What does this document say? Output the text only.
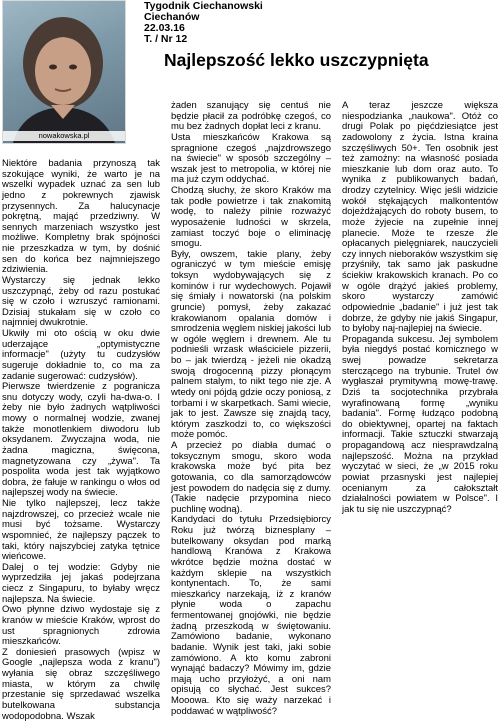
nowakowska.pl
Tygodnik Ciechanowski
Ciechanów
22.03.16
T. / Nr 12
Najlepszość lekko uszczypnięta

Niektóre badania przynoszą tak szokujące wyniki, że warto je na wszelki wypadek uznać za sen lub jedno z pokrewnych zjawisk przysennych. Za halucynacje pokrętną, mająć przedziwny. W sennych marzeniach wszystko jest możliwe. Kompletny brak spójności nie przeszkadza w tym, by dośnić sen do końca bez najmniejszego zdziwienia.

Wystarczy się jednak lekko uszczypnąć, żeby od razu postukać się w czoło i wzruszyć ramionami. Dzisiaj stukałam się w czoło co najmniej dwukrotnie.

Ukwiły mi oto ością w oku dwie uderzające „optymistyczne informacje" (użyty tu cudzysłów sugeruje dokładnie to, co ma za zadanie sugerować: cudzysłów).

Pierwsze twierdzenie z pogranicza snu dotyczy wody, czyli ha-dwa-o. I żeby nie było żadnych wątpliwości mowy o normalnej wodzie, zwanej także monotlenkiem diwodoru lub oksydanem. Zwyczajna woda, nie żadna magiczna, święcona, magnetyzowana czy „żywa". Ta pospolita woda jest tak wyjątkowo dobra, że fałuje w rankingu o włos od najlepszej wody na świecie.

Nie tylko najlepszej, lecz także najzdrowszej, co przecież wcale nie musi być tożsame. Wystarczy wspomnieć, że najlepszy pączek to taki, który najszybciej zatyka tętnice wieńcowe.

Dalej o tej wodzie: Gdyby nie wyprzedziła jej jakaś podejrzana ciecz z Singapuru, to byłaby wręcz najlepsza. Na świecie.

Owo płynne dziwo wydostaje się z kranów w mieście Kraków, wprost do ust spragnionych zdrowia mieszkańców.

Z doniesień prasowych (wpisz w Google „najlepsza woda z kranu") wyłania się obraz szczęśliwego miasta, w którym za chwilę przestanie się sprzedawać wszelka butelkowana substancja wodopodobna. Wszak

żaden szanujący się centuś nie będzie płacił za podróbkę czegoś, co mu bez żadnych dopłat leci z kranu.

Usta mieszkańców Krakowa są spragnione czegoś „najzdrowszego na świecie" w sposób szczególny – wszak jest to metropolia, w której nie ma już czym oddychać.

Chodzą słuchy, że skoro Kraków ma tak podłe powietrze i tak znakomitą wodę, to należy pilnie rozważyć wyposażenie ludności w skrzela, zamiast toczyć boje o eliminację smogu.

Były, owszem, takie plany, żeby ograniczyć w tym mieście emisję toksyn wydobywających się z kominów i rur wydechowych. Pojawił się śmiały i nowatorski (na polskim gruncie) pomysł, żeby zakazać krakowianom opalania domów i smrodzenia węglem niskiej jakości lub w ogóle węglem i drewnem. Ale tu podnieśli wrzask właściciele pizzerii, bo – jak twierdzą - jeżeli nie okadzą swoją drogocenną pizzy płonącym palnem stalym, to nikt tego nie zje. A wtedy oni pójdą gdzie oczy poniosą, z torbami i w skarpetkach. Sami wiecie, jak to jest. Zawsze się znajdą tacy, którym zaszkodzi to, co większości może pomóc.

A przecież po diabła dumać o toksycznym smogu, skoro woda krakowska może być pita bez gotowania, co dla samorządowców jest powodem do nadęcia się z dumy. (Takie nadęcie przypomina nieco puchlinę wodną).

Kandydaci do tytułu Przedsiębiorcy Roku już twórzą biznesplany – butelkowany oksydan pod marką handlową Kranówa z Krakowa wkrótce będzie można dostać w każdym sklepie na wszystkich kontynentach. To, że sami mieszkańcy narzekają, iż z kranów płynie woda o zapachu fermentowanej gnojówki, nie będzie żadną przeszkodą w świętowaniu. Zamówiono badanie, wykonano badanie. Wynik jest taki, jaki sobie zamówiono. A kto komu zabroni wynająć badaczy? Mówimy im, gdzie mają ucho przyłożyć, a oni nam opisują co słychać. Jest sukces? Mooowa. Kto się waży narzekać i poddawać w wątpliwość?

A teraz jeszcze większa niespodzianka „naukowa". Otóż co drugi Polak po pięćdziesiątce jest zadowolony z życia. Istna kraina szczęśliwych 50+. Ten osobnik jest też zamożny: na własność posiada mieszkanie lub dom oraz auto. To wynika z publikowanych badań, drodzy czytelnicy. Więc jeśli widzicie wokół stękających malkontentów dojeżdżających do roboty busem, to może żyjecie na zupełnie innej planecie. Może te rzesze źle opłacanych pielęgniarek, nauczycieli czy innych nieboraków wszystkim się przyśniły, tak samo jak paskudne ściekiw krakowskich kranach. Po co w ogóle drążyć jakieś problemy, skoro wystarczy zamówić odpowiednie „badanie" i już jest tak dobrze, że gdyby nie jakiś Singapur, to byłoby naj-najlepiej na świecie.

Propaganda sukcesu. Jej symbolem była niegdyś postać komicznego w swej powadze sekretarza sterczącego na trybunie. Trutel ów wygłaszał prymitywną mowę-trawę. Dziś ta socjotechnika przybrała wyrafinowaną formę „wyniku badania". Formę łudząco podobną do obiektywnej, opartej na faktach informacji. Takie sztuczki stwarzają propagandową acz niesprawdzalną najlepszość. Można na przykład wyczytać w sieci, że „w 2015 roku powiat przasnyski jest najlepiej ocenianym za całokształt działalności powiatem w Polsce". I jak tu się nie uszczypnąć?
